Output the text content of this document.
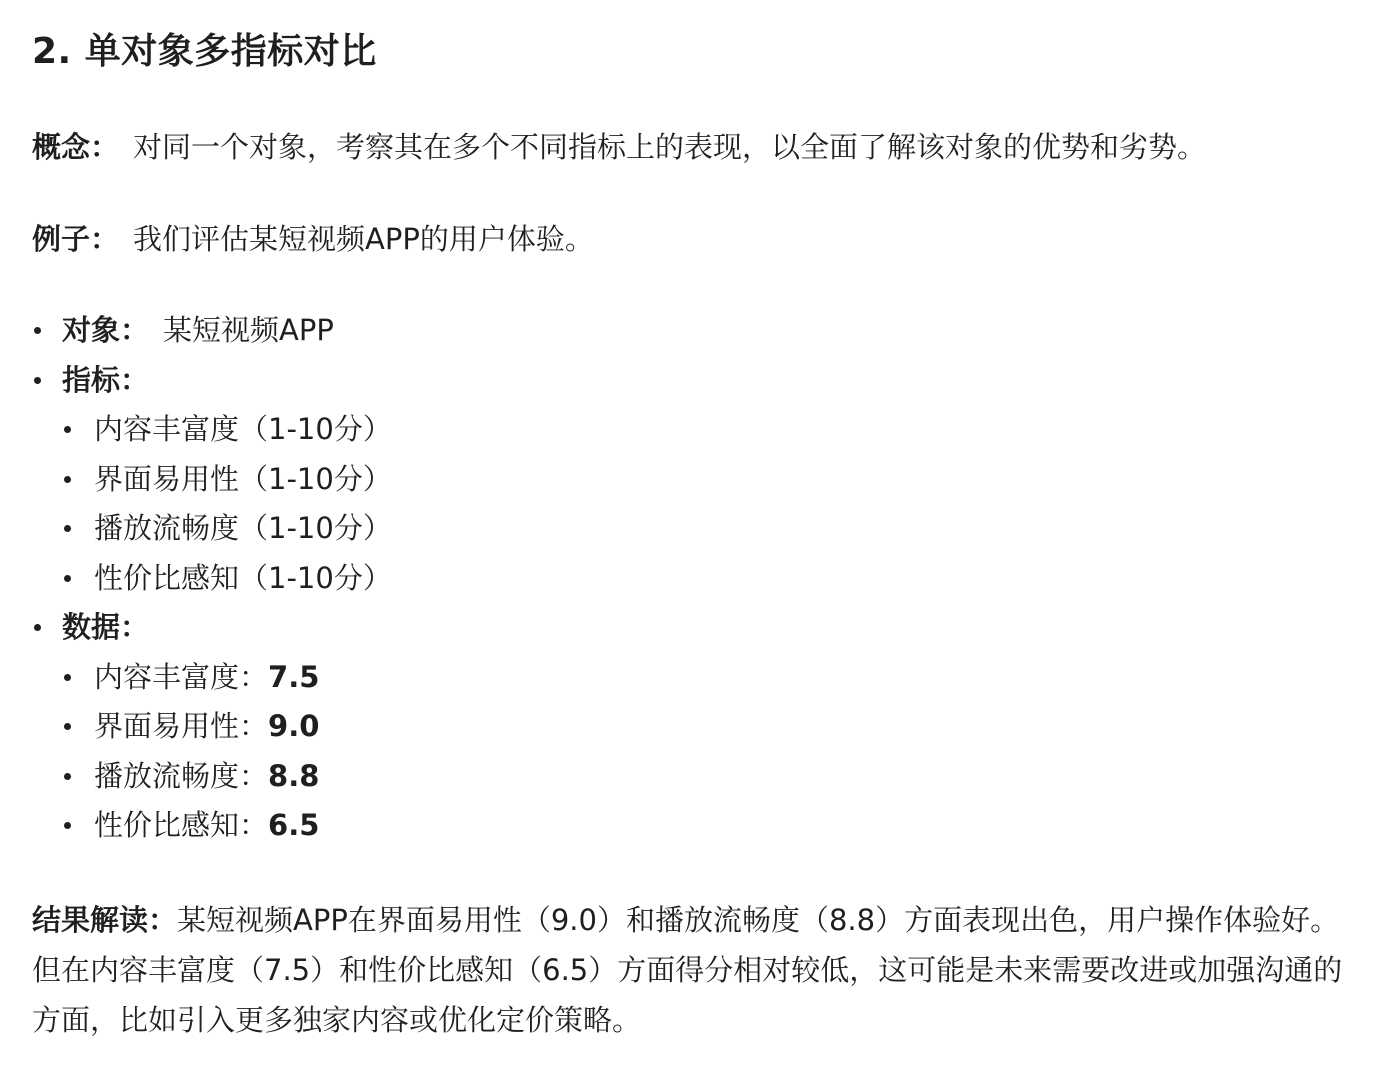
2. 单对象多指标对比

概念： 对同一个对象，考察其在多个不同指标上的表现，以全面了解该对象的优势和劣势。

例子： 我们评估某短视频APP的用户体验。

对象： 某短视频APP
指标：
内容丰富度（1-10分）
界面易用性（1-10分）
播放流畅度（1-10分）
性价比感知（1-10分）
数据：
内容丰富度：7.5
界面易用性：9.0
播放流畅度：8.8
性价比感知：6.5

结果解读：某短视频APP在界面易用性（9.0）和播放流畅度（8.8）方面表现出色，用户操作体验好。但在内容丰富度（7.5）和性价比感知（6.5）方面得分相对较低，这可能是未来需要改进或加强沟通的方面，比如引入更多独家内容或优化定价策略。
